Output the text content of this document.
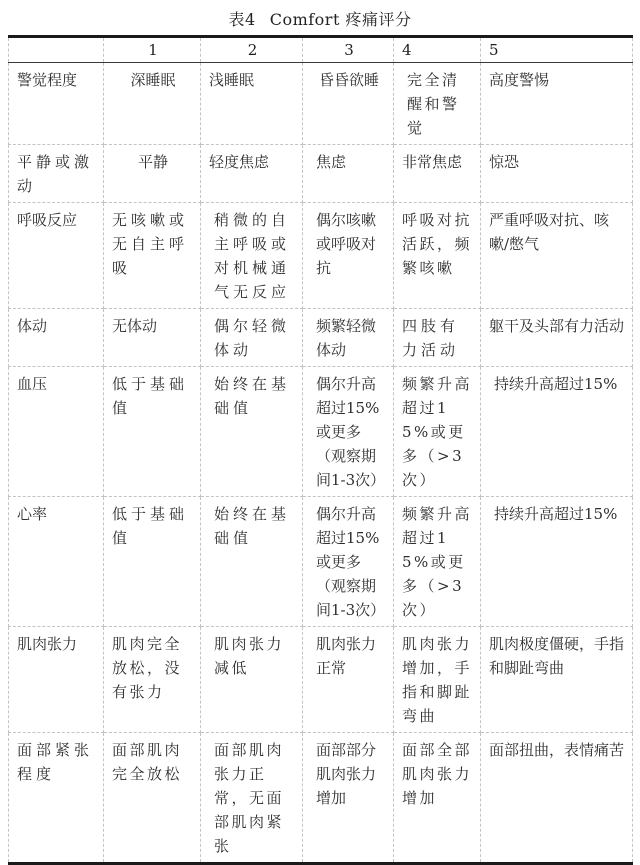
表4 Comfort 疼痛评分
	1	2	3	4	5
警觉程度	深睡眠	浅睡眠	昏昏欲睡	完全清醒和警觉	高度警惕
平静或激动	平静	轻度焦虑	焦虑	非常焦虑	惊恐
呼吸反应	无咳嗽或无自主呼吸	稍微的自主呼吸或对机械通气无反应	偶尔咳嗽或呼吸对抗	呼吸对抗活跃，频繁咳嗽	严重呼吸对抗、咳嗽/憋气
体动	无体动	偶尔轻微体动	频繁轻微体动	四肢有力活动	躯干及头部有力活动
血压	低于基础值	始终在基础值	偶尔升高超过15%或更多（观察期间1-3次）	频繁升高超过15%或更多（>3次）	持续升高超过15%
心率	低于基础值	始终在基础值	偶尔升高超过15%或更多（观察期间1-3次）	频繁升高超过15%或更多（>3次）	持续升高超过15%
肌肉张力	肌肉完全放松，没有张力	肌肉张力减低	肌肉张力正常	肌肉张力增加，手指和脚趾弯曲	肌肉极度僵硬，手指和脚趾弯曲
面部紧张程度	面部肌肉完全放松	面部肌肉张力正常，无面部肌肉紧张	面部部分肌肉张力增加	面部全部肌肉张力增加	面部扭曲，表情痛苦
